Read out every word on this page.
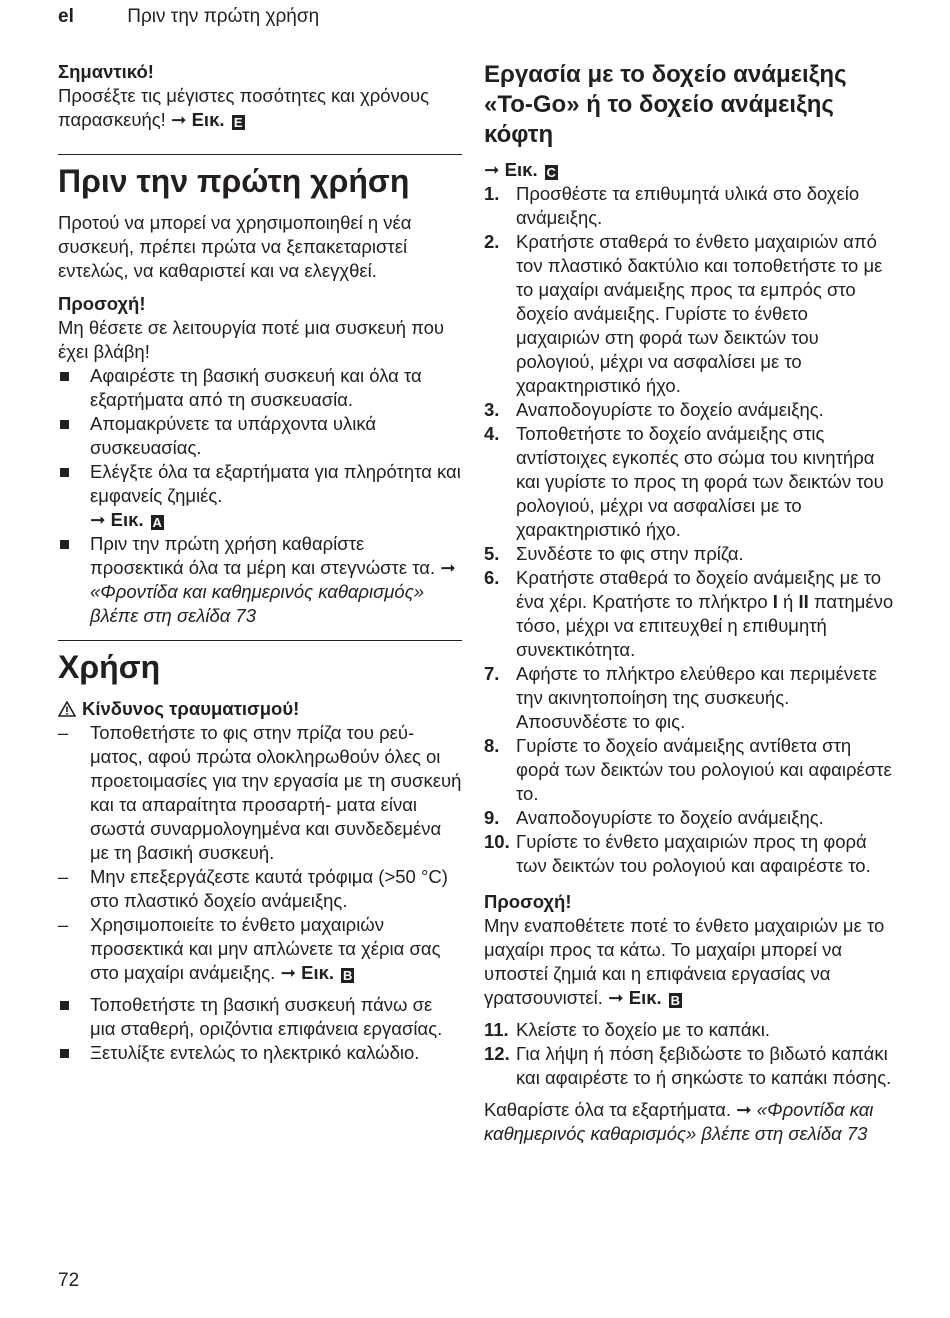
el	Πριν την πρώτη χρήση

Σημαντικό!

Προσέξτε τις μέγιστες ποσότητες και χρόνους παρασκευής! ➞ Εικ. E

Πριν την πρώτη χρήση

Προτού να μπορεί να χρησιμοποιηθεί η νέα συσκευή, πρέπει πρώτα να ξεπακεταριστεί εντελώς, να καθαριστεί και να ελεγχθεί.

Προσοχή!

Μη θέσετε σε λειτουργία ποτέ μια συσκευή που έχει βλάβη!

Αφαιρέστε τη βασική συσκευή και όλα τα εξαρτήματα από τη συσκευασία.
Απομακρύνετε τα υπάρχοντα υλικά συσκευασίας.
Ελέγξτε όλα τα εξαρτήματα για πληρότητα και εμφανείς ζημιές.
➞ Εικ. A
Πριν την πρώτη χρήση καθαρίστε προσεκτικά όλα τα μέρη και στεγνώστε τα. ➞ «Φροντίδα και καθημερινός καθαρισμός» βλέπε στη σελίδα 73
Χρήση

Κίνδυνος τραυματισμού!

– Τοποθετήστε το φις στην πρίζα του ρεύ- ματος, αφού πρώτα ολοκληρωθούν όλες οι προετοιμασίες για την εργασία με τη συσκευή και τα απαραίτητα προσαρτή- ματα είναι σωστά συναρμολογημένα και συνδεδεμένα με τη βασική συσκευή.
– Μην επεξεργάζεστε καυτά τρόφιμα (>50 °C) στο πλαστικό δοχείο ανάμειξης.
– Χρησιμοποιείτε το ένθετο μαχαιριών προσεκτικά και μην απλώνετε τα χέρια σας στο μαχαίρι ανάμειξης. ➞ Εικ. B
Τοποθετήστε τη βασική συσκευή πάνω σε μια σταθερή, οριζόντια επιφάνεια εργασίας.
Ξετυλίξτε εντελώς το ηλεκτρικό καλώδιο.

Εργασία με το δοχείο ανάμειξης «To-Go» ή το δοχείο ανάμειξης κόφτη

➞ Εικ. C

1. Προσθέστε τα επιθυμητά υλικά στο δοχείο ανάμειξης.
2. Κρατήστε σταθερά το ένθετο μαχαιριών από τον πλαστικό δακτύλιο και τοποθετήστε το με το μαχαίρι ανάμειξης προς τα εμπρός στο δοχείο ανάμειξης. Γυρίστε το ένθετο μαχαιριών στη φορά των δεικτών του ρολογιού, μέχρι να ασφαλίσει με το χαρακτηριστικό ήχο.
3. Αναποδογυρίστε το δοχείο ανάμειξης.
4. Τοποθετήστε το δοχείο ανάμειξης στις αντίστοιχες εγκοπές στο σώμα του κινητήρα και γυρίστε το προς τη φορά των δεικτών του ρολογιού, μέχρι να ασφαλίσει με το χαρακτηριστικό ήχο.
5. Συνδέστε το φις στην πρίζα.
6. Κρατήστε σταθερά το δοχείο ανάμειξης με το ένα χέρι. Κρατήστε το πλήκτρο I ή II πατημένο τόσο, μέχρι να επιτευχθεί η επιθυμητή συνεκτικότητα.
7. Αφήστε το πλήκτρο ελεύθερο και περιμένετε την ακινητοποίηση της συσκευής. Αποσυνδέστε το φις.
8. Γυρίστε το δοχείο ανάμειξης αντίθετα στη φορά των δεικτών του ρολογιού και αφαιρέστε το.
9. Αναποδογυρίστε το δοχείο ανάμειξης.
10. Γυρίστε το ένθετο μαχαιριών προς τη φορά των δεικτών του ρολογιού και αφαιρέστε το.

Προσοχή!

Μην εναποθέτετε ποτέ το ένθετο μαχαιριών με το μαχαίρι προς τα κάτω. Το μαχαίρι μπορεί να υποστεί ζημιά και η επιφάνεια εργασίας να γρατσουνιστεί. ➞ Εικ. B

11. Κλείστε το δοχείο με το καπάκι.
12. Για λήψη ή πόση ξεβιδώστε το βιδωτό καπάκι και αφαιρέστε το ή σηκώστε το καπάκι πόσης.

Καθαρίστε όλα τα εξαρτήματα. ➞ «Φροντίδα και καθημερινός καθαρισμός» βλέπε στη σελίδα 73

72
